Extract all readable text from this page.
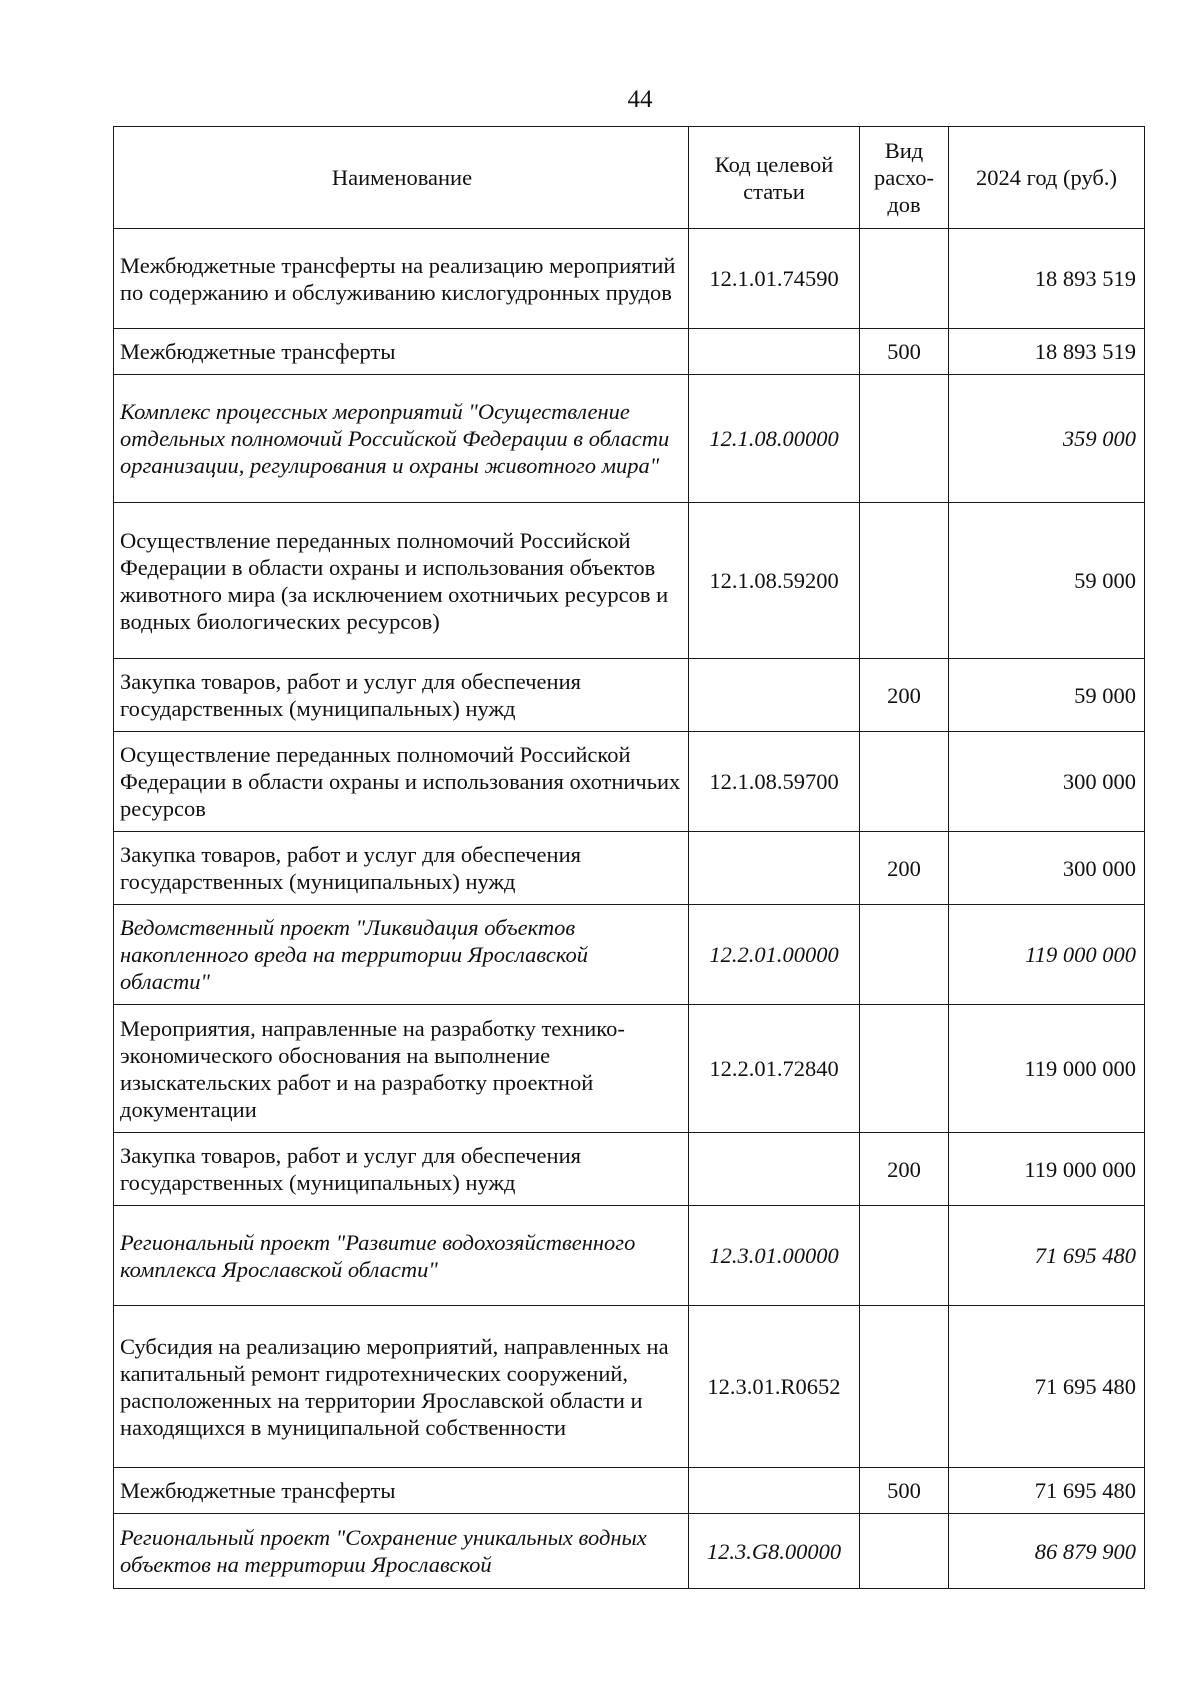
44
Наименование	Код целевой статьи	Вид расхо-дов	2024 год (руб.)
Межбюджетные трансферты на реализацию мероприятий по содержанию и обслуживанию кислогудронных прудов	12.1.01.74590		18 893 519
Межбюджетные трансферты		500	18 893 519
Комплекс процессных мероприятий "Осуществление отдельных полномочий Российской Федерации в области организации, регулирования и охраны животного мира"	12.1.08.00000		359 000
Осуществление переданных полномочий Российской Федерации в области охраны и использования объектов животного мира (за исключением охотничьих ресурсов и водных биологических ресурсов)	12.1.08.59200		59 000
Закупка товаров, работ и услуг для обеспечения государственных (муниципальных) нужд		200	59 000
Осуществление переданных полномочий Российской Федерации в области охраны и использования охотничьих ресурсов	12.1.08.59700		300 000
Закупка товаров, работ и услуг для обеспечения государственных (муниципальных) нужд		200	300 000
Ведомственный проект "Ликвидация объектов накопленного вреда на территории Ярославской области"	12.2.01.00000		119 000 000
Мероприятия, направленные на разработку технико-экономического обоснования на выполнение изыскательских работ и на разработку проектной документации	12.2.01.72840		119 000 000
Закупка товаров, работ и услуг для обеспечения государственных (муниципальных) нужд		200	119 000 000
Региональный проект "Развитие водохозяйственного комплекса Ярославской области"	12.3.01.00000		71 695 480
Субсидия на реализацию мероприятий, направленных на капитальный ремонт гидротехнических сооружений, расположенных на территории Ярославской области и находящихся в муниципальной собственности	12.3.01.R0652		71 695 480
Межбюджетные трансферты		500	71 695 480
Региональный проект "Сохранение уникальных водных объектов на территории Ярославской	12.3.G8.00000		86 879 900
